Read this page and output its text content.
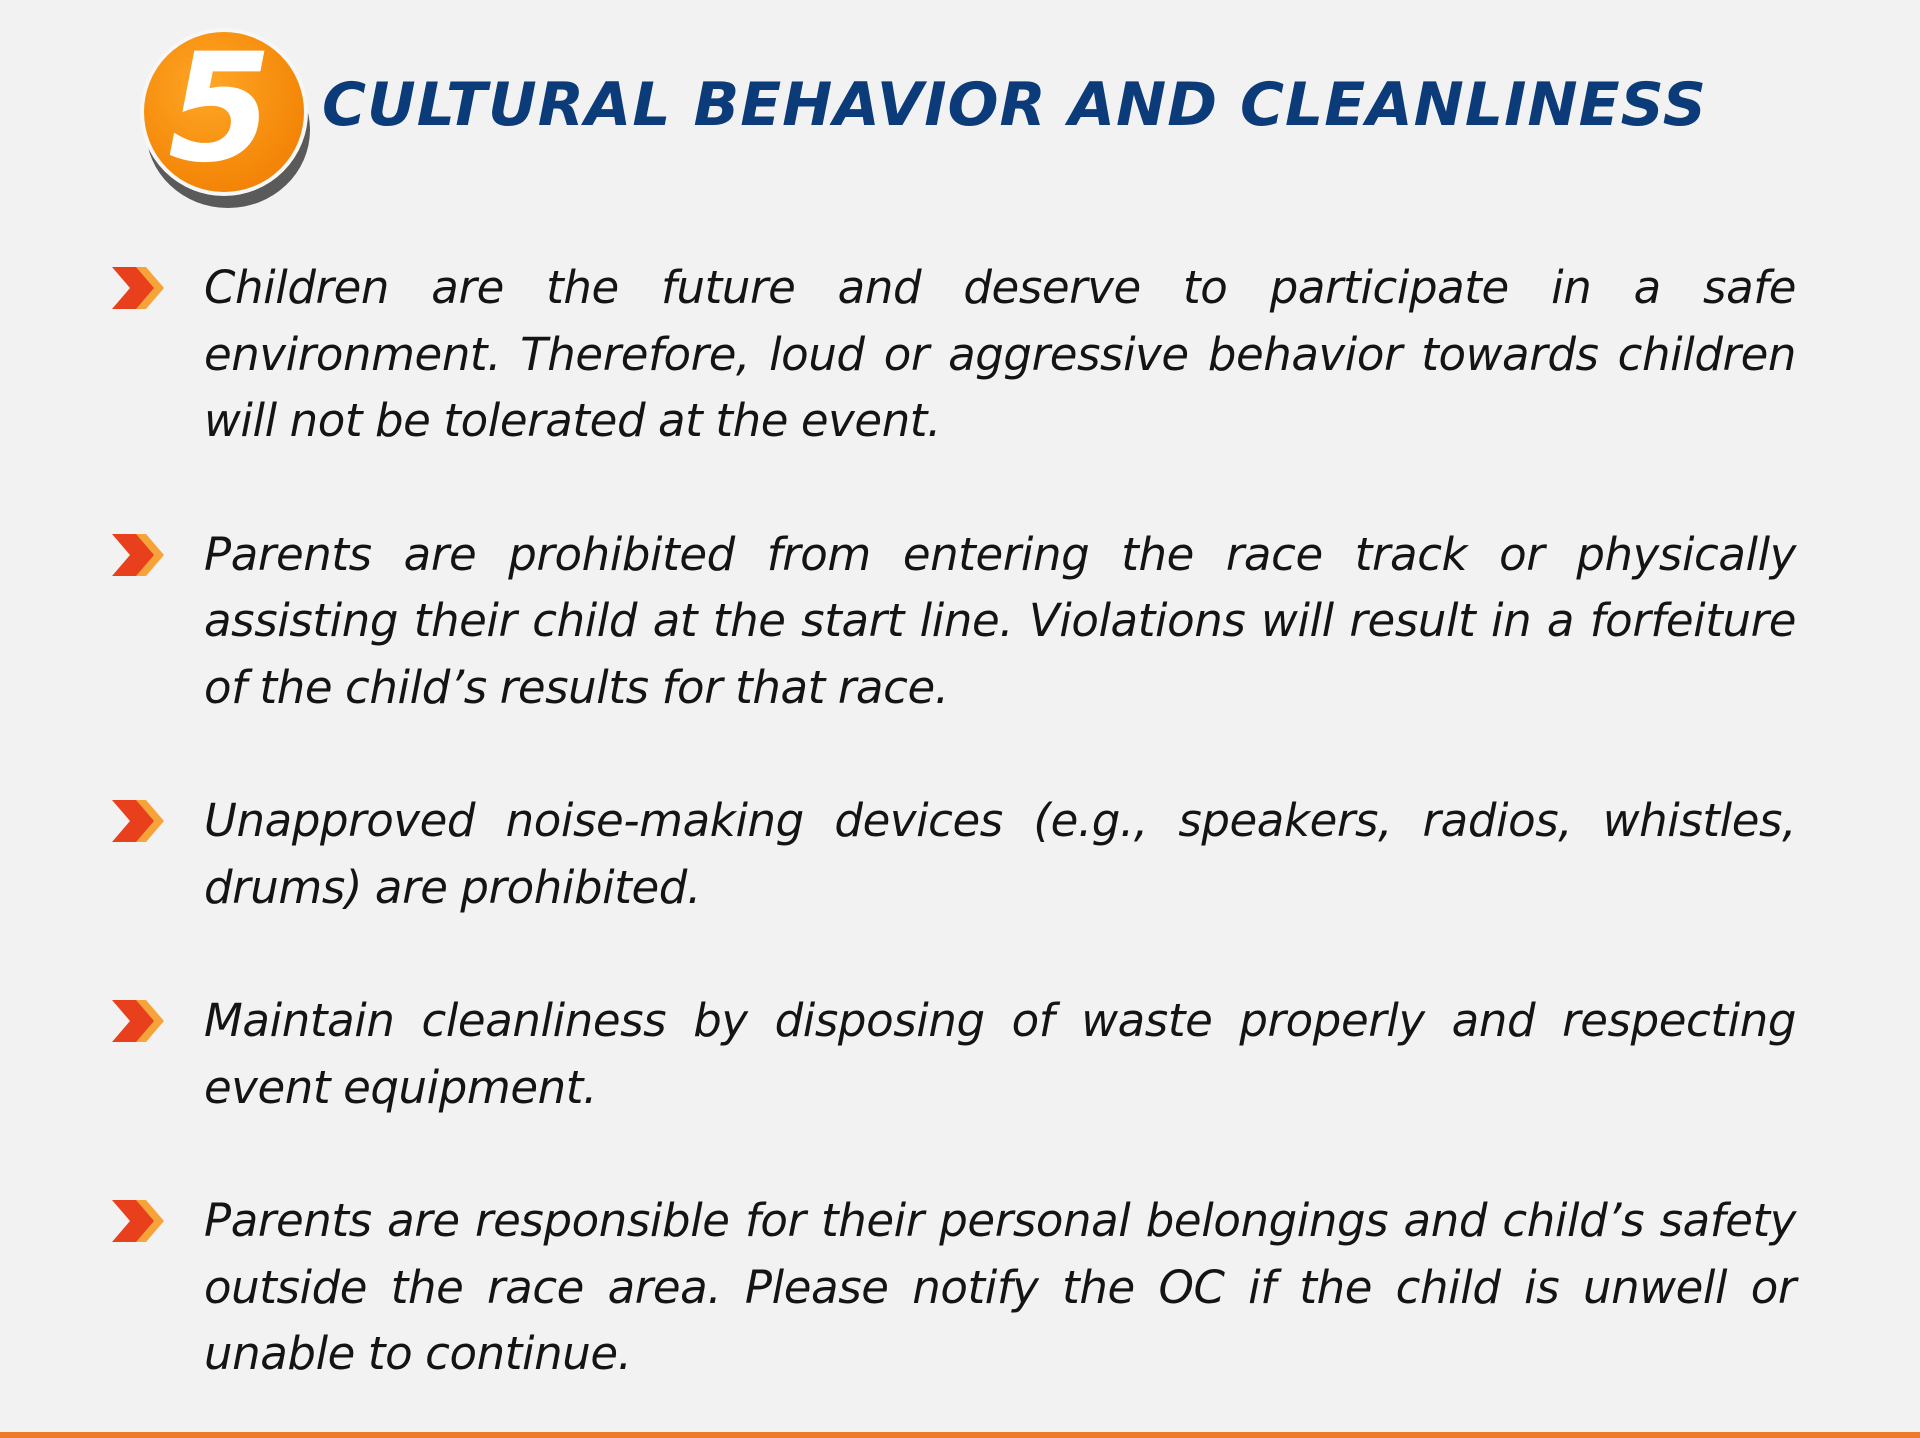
5 CULTURAL BEHAVIOR AND CLEANLINESS

Children are the future and deserve to participate in a safe environment. Therefore, loud or aggressive behavior towards children will not be tolerated at the event.

Parents are prohibited from entering the race track or physically assisting their child at the start line. Violations will result in a forfeiture of the child’s results for that race.

Unapproved noise-making devices (e.g., speakers, radios, whistles, drums) are prohibited.

Maintain cleanliness by disposing of waste properly and respecting event equipment.

Parents are responsible for their personal belongings and child’s safety outside the race area. Please notify the OC if the child is unwell or unable to continue.
